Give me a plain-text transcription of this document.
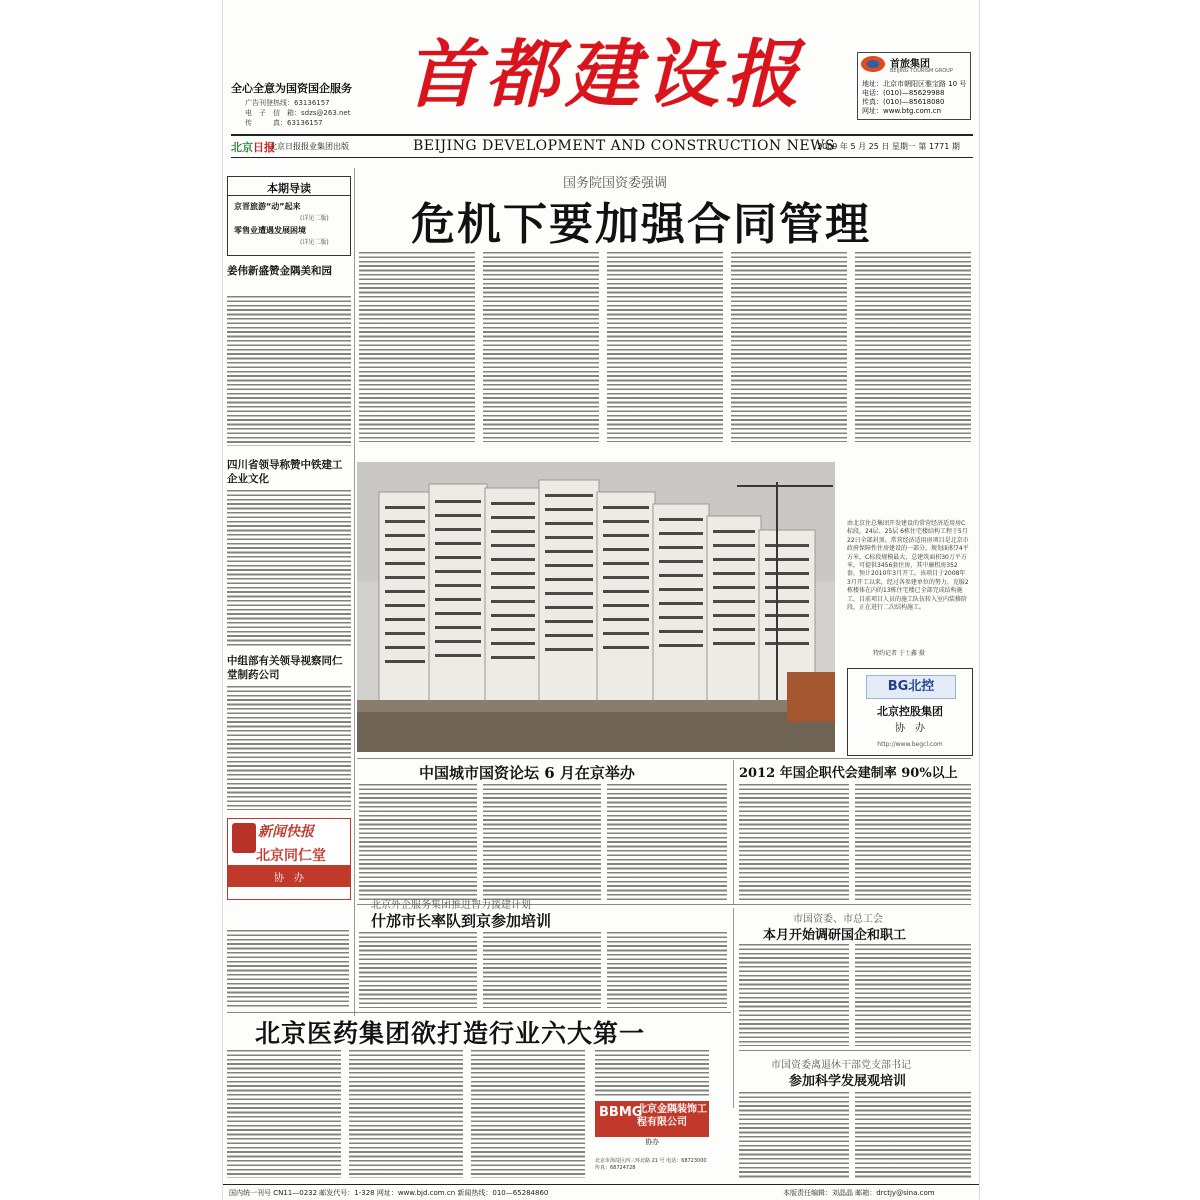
全心全意为国资国企服务
广告刊登热线：63136157
电　子　信　箱：sdzs@263.net
传　　　真：63136157
首都建设报	首旅集团
BEIJING TOURISM GROUP
地址：北京市朝阳区雅宝路 10 号
电话：(010)—85629988
传真：(010)—85618080
网址：www.btg.com.cn
北京日报
北京日报报业集团出版	BEIJING DEVELOPMENT AND CONSTRUCTION NEWS
2009 年 5 月 25 日 星期一 第 1771 期
本期导读
京晋旅游“动”起来
(详见二版)
零售业遭遇发展困境
(详见二版)
姜伟新盛赞金隅美和园
四川省领导称赞中铁建工企业文化
中组部有关领导视察同仁堂制药公司
新闻快报
北京同仁堂
协　办
国务院国资委强调
危机下要加强合同管理
由北京住总集团开发建设的常营经济适用房C标段，24层、25层 6栋住宅楼结构工程于5月22日全部封顶。常营经济适用房项目是北京市政府保障性住房建设的一部分，规划面积74平方米，C标段规模最大，总建筑面积30万平方米，可提供3456套住房，其中廉租房352套，预计2010年3月开工。该项目于2008年3月开工以来，经过各参建单位的努力，克服2栋楼体在内的13栋住宅楼已全部完成结构施工，目前项目人员的施工队伍转入室内装修阶段，正在进行二次结构施工。
特约记者 于士鑫 摄
BG北控
北京控股集团
协　办
http://www.begcl.com
中国城市国资论坛 6 月在京举办	2012 年国企职代会建制率 90%以上
北京外企服务集团推进智力援建计划
什邡市长率队到京参加培训	市国资委、市总工会
本月开始调研国企和职工
北京医药集团欲打造行业六大第一
BBMG
北京金隅装饰工程有限公司
协办
北京市海淀区西三环北路 21 号 电话：68723000 传真：68724728
市国资委离退休干部党支部书记
参加科学发展观培训
国内统一刊号 CN11—0232 邮发代号：1-328 网址：www.bjd.com.cn 新闻热线：010—65284860	本版责任编辑：刘晶晶 邮箱：drctjy@sina.com
